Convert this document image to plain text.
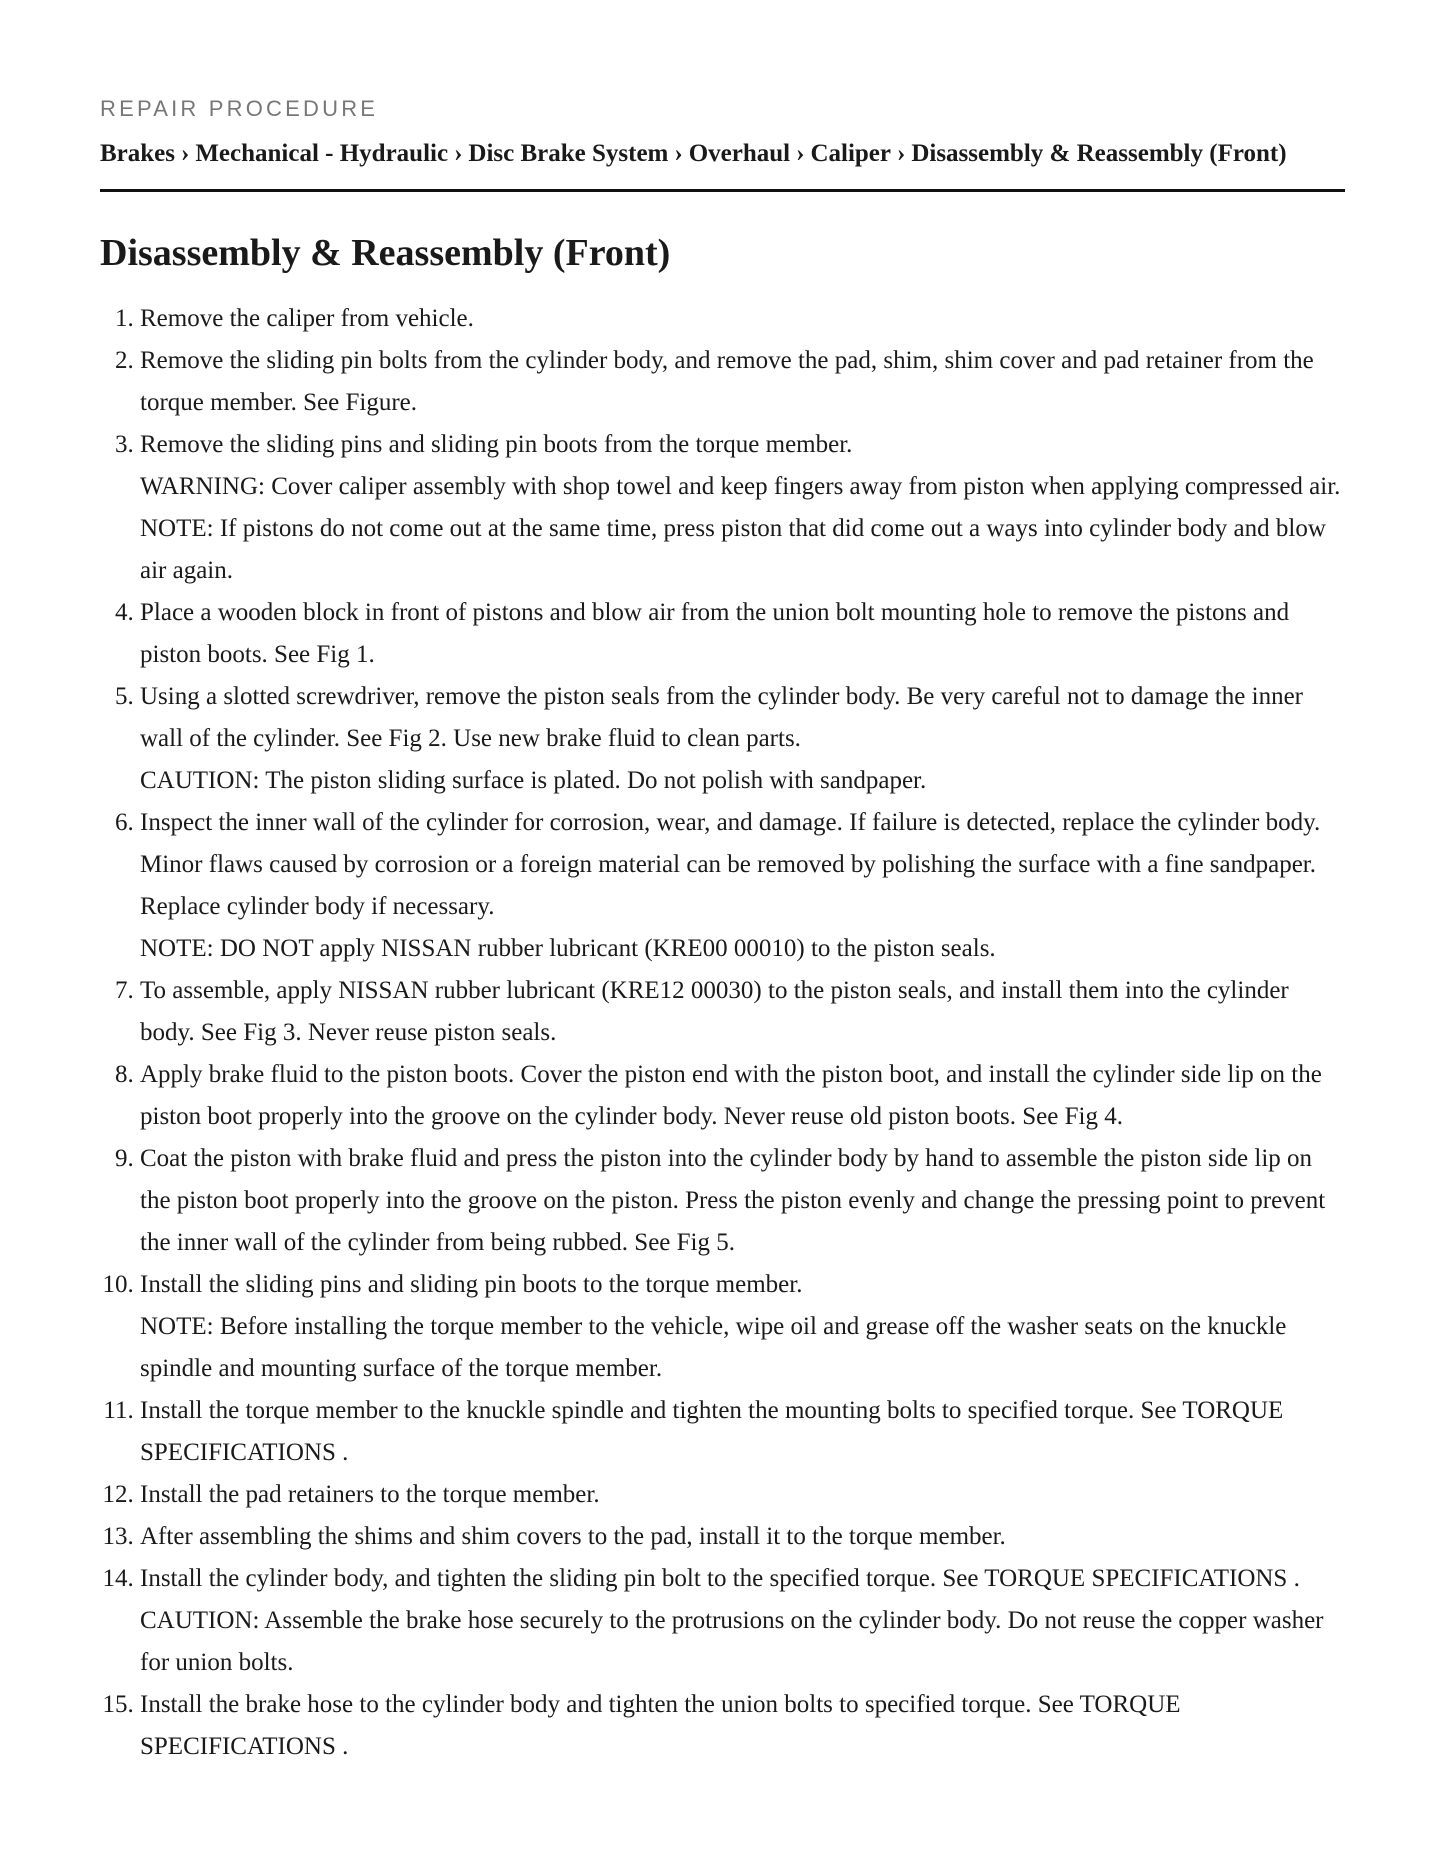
REPAIR PROCEDURE
Brakes › Mechanical - Hydraulic › Disc Brake System › Overhaul › Caliper › Disassembly & Reassembly (Front)
Disassembly & Reassembly (Front)
1. Remove the caliper from vehicle.
2. Remove the sliding pin bolts from the cylinder body, and remove the pad, shim, shim cover and pad retainer from the torque member. See Figure.
3. Remove the sliding pins and sliding pin boots from the torque member.
WARNING: Cover caliper assembly with shop towel and keep fingers away from piston when applying compressed air.
NOTE: If pistons do not come out at the same time, press piston that did come out a ways into cylinder body and blow air again.
4. Place a wooden block in front of pistons and blow air from the union bolt mounting hole to remove the pistons and piston boots. See Fig 1.
5. Using a slotted screwdriver, remove the piston seals from the cylinder body. Be very careful not to damage the inner wall of the cylinder. See Fig 2. Use new brake fluid to clean parts.
CAUTION: The piston sliding surface is plated. Do not polish with sandpaper.
6. Inspect the inner wall of the cylinder for corrosion, wear, and damage. If failure is detected, replace the cylinder body. Minor flaws caused by corrosion or a foreign material can be removed by polishing the surface with a fine sandpaper. Replace cylinder body if necessary.
NOTE: DO NOT apply NISSAN rubber lubricant (KRE00 00010) to the piston seals.
7. To assemble, apply NISSAN rubber lubricant (KRE12 00030) to the piston seals, and install them into the cylinder body. See Fig 3. Never reuse piston seals.
8. Apply brake fluid to the piston boots. Cover the piston end with the piston boot, and install the cylinder side lip on the piston boot properly into the groove on the cylinder body. Never reuse old piston boots. See Fig 4.
9. Coat the piston with brake fluid and press the piston into the cylinder body by hand to assemble the piston side lip on the piston boot properly into the groove on the piston. Press the piston evenly and change the pressing point to prevent the inner wall of the cylinder from being rubbed. See Fig 5.
10. Install the sliding pins and sliding pin boots to the torque member.
NOTE: Before installing the torque member to the vehicle, wipe oil and grease off the washer seats on the knuckle spindle and mounting surface of the torque member.
11. Install the torque member to the knuckle spindle and tighten the mounting bolts to specified torque. See TORQUE SPECIFICATIONS .
12. Install the pad retainers to the torque member.
13. After assembling the shims and shim covers to the pad, install it to the torque member.
14. Install the cylinder body, and tighten the sliding pin bolt to the specified torque. See TORQUE SPECIFICATIONS .
CAUTION: Assemble the brake hose securely to the protrusions on the cylinder body. Do not reuse the copper washer for union bolts.
15. Install the brake hose to the cylinder body and tighten the union bolts to specified torque. See TORQUE SPECIFICATIONS .
